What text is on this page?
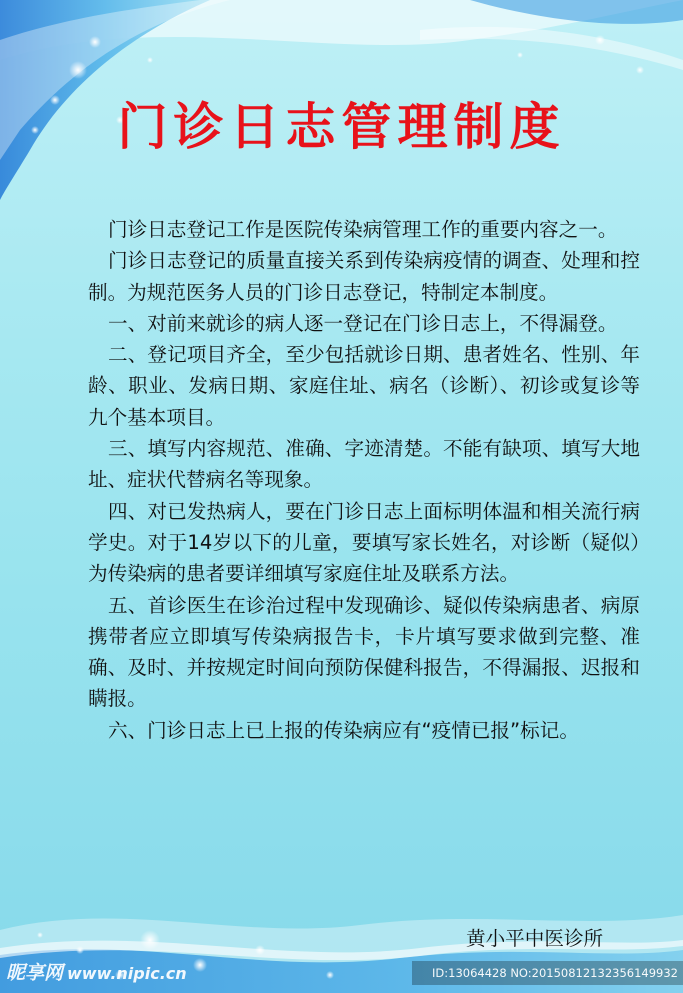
门诊日志管理制度

门诊日志登记工作是医院传染病管理工作的重要内容之一。

门诊日志登记的质量直接关系到传染病疫情的调查、处理和控制。为规范医务人员的门诊日志登记，特制定本制度。

一、对前来就诊的病人逐一登记在门诊日志上，不得漏登。

二、登记项目齐全，至少包括就诊日期、患者姓名、性别、年龄、职业、发病日期、家庭住址、病名（诊断）、初诊或复诊等九个基本项目。

三、填写内容规范、准确、字迹清楚。不能有缺项、填写大地址、症状代替病名等现象。

四、对已发热病人，要在门诊日志上面标明体温和相关流行病学史。对于14岁以下的儿童，要填写家长姓名，对诊断（疑似）为传染病的患者要详细填写家庭住址及联系方法。

五、首诊医生在诊治过程中发现确诊、疑似传染病患者、病原携带者应立即填写传染病报告卡，卡片填写要求做到完整、准确、及时、并按规定时间向预防保健科报告，不得漏报、迟报和瞒报。

六、门诊日志上已上报的传染病应有“疫情已报”标记。

黄小平中医诊所

昵享网 www.nipic.cn	ID:13064428 NO:20150812132356149932
